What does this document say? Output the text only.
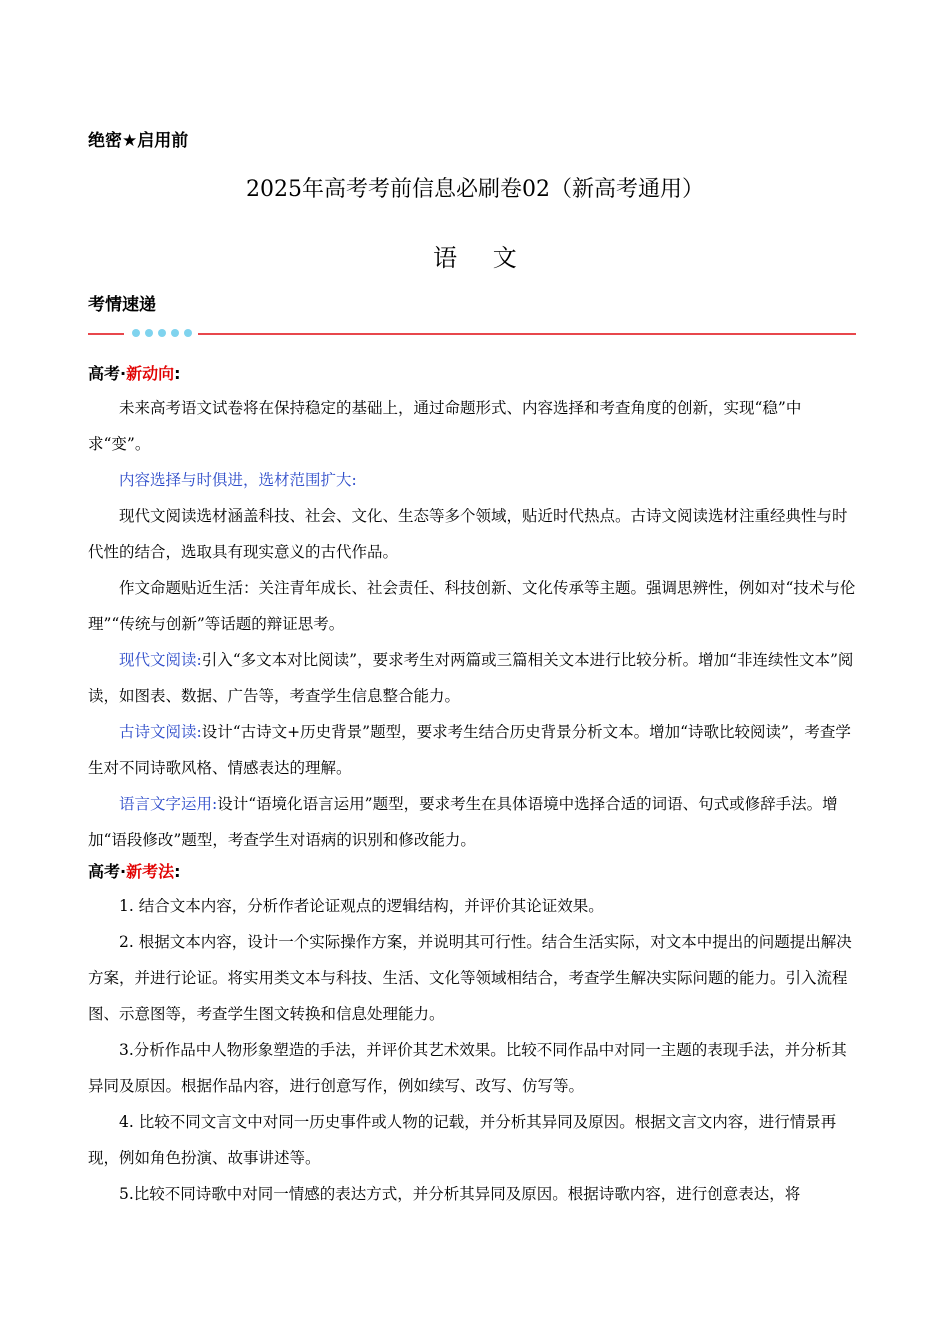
绝密★启用前
2025年高考考前信息必刷卷02（新高考通用）
语 文
考情速递

高考·新动向:

未来高考语文试卷将在保持稳定的基础上，通过命题形式、内容选择和考查角度的创新，实现“稳”中求“变”。

内容选择与时俱进，选材范围扩大:

现代文阅读选材涵盖科技、社会、文化、生态等多个领域，贴近时代热点。古诗文阅读选材注重经典性与时代性的结合，选取具有现实意义的古代作品。

作文命题贴近生活：关注青年成长、社会责任、科技创新、文化传承等主题。强调思辨性，例如对“技术与伦理”“传统与创新”等话题的辩证思考。

现代文阅读:引入“多文本对比阅读”，要求考生对两篇或三篇相关文本进行比较分析。增加“非连续性文本”阅读，如图表、数据、广告等，考查学生信息整合能力。

古诗文阅读:设计“古诗文+历史背景”题型，要求考生结合历史背景分析文本。增加“诗歌比较阅读”，考查学生对不同诗歌风格、情感表达的理解。

语言文字运用:设计“语境化语言运用”题型，要求考生在具体语境中选择合适的词语、句式或修辞手法。增加“语段修改”题型，考查学生对语病的识别和修改能力。

高考·新考法:

1. 结合文本内容，分析作者论证观点的逻辑结构，并评价其论证效果。

2. 根据文本内容，设计一个实际操作方案，并说明其可行性。结合生活实际，对文本中提出的问题提出解决方案，并进行论证。将实用类文本与科技、生活、文化等领域相结合，考查学生解决实际问题的能力。引入流程图、示意图等，考查学生图文转换和信息处理能力。

3.分析作品中人物形象塑造的手法，并评价其艺术效果。比较不同作品中对同一主题的表现手法，并分析其异同及原因。根据作品内容，进行创意写作，例如续写、改写、仿写等。

4. 比较不同文言文中对同一历史事件或人物的记载，并分析其异同及原因。根据文言文内容，进行情景再现，例如角色扮演、故事讲述等。

5.比较不同诗歌中对同一情感的表达方式，并分析其异同及原因。根据诗歌内容，进行创意表达，将
